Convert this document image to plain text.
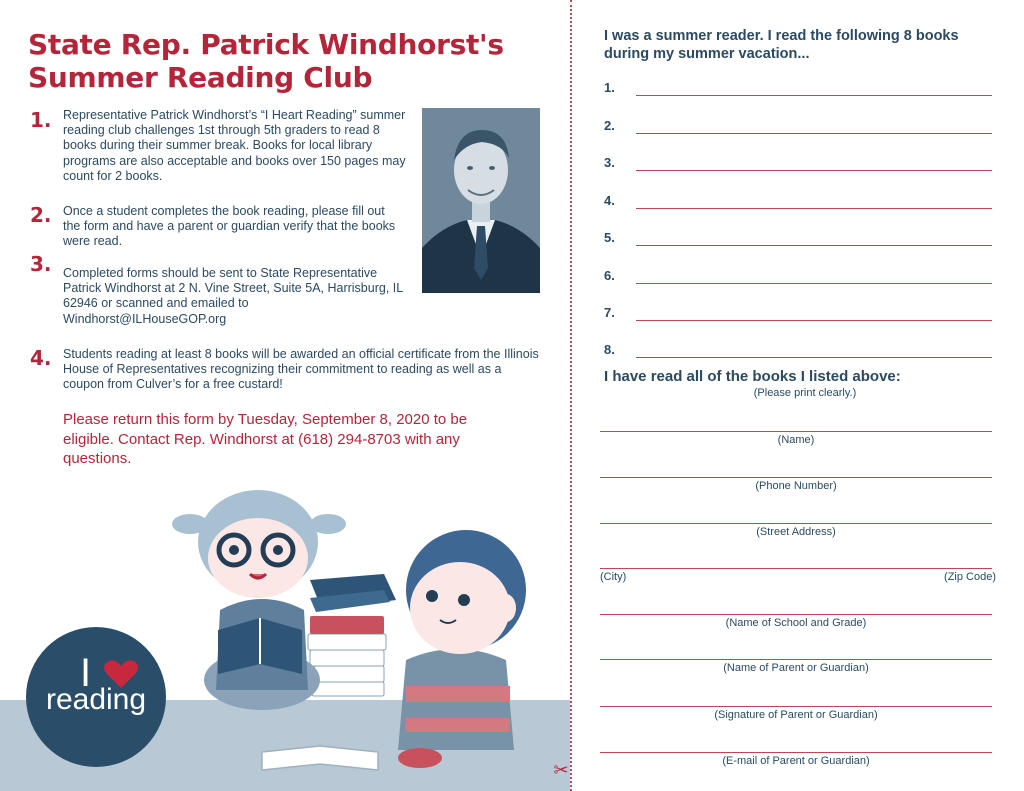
State Rep. Patrick Windhorst's
Summer Reading Club
1. Representative Patrick Windhorst’s “I Heart Reading” summer reading club challenges 1st through 5th graders to read 8 books during their summer break. Books for local library programs are also acceptable and books over 150 pages may count for 2 books.
2. Once a student completes the book reading, please fill out the form and have a parent or guardian verify that the books were read.
3. Completed forms should be sent to State Representative Patrick Windhorst at 2 N. Vine Street, Suite 5A, Harrisburg, IL 62946 or scanned and emailed to Windhorst@ILHouseGOP.org
4. Students reading at least 8 books will be awarded an official certificate from the Illinois House of Representatives recognizing their commitment to reading as well as a coupon from Culver’s for a free custard!
Please return this form by Tuesday, September 8, 2020 to be eligible. Contact Rep. Windhorst at (618) 294-8703 with any questions.
I
reading
✂
I was a summer reader. I read the following 8 books during my summer vacation...
1.
2.
3.
4.
5.
6.
7.
8.
I have read all of the books I listed above:
(Please print clearly.)
(Name)
(Phone Number)
(Street Address)
(City)	(Zip Code)
(Name of School and Grade)
(Name of Parent or Guardian)
(Signature of Parent or Guardian)
(E-mail of Parent or Guardian)
